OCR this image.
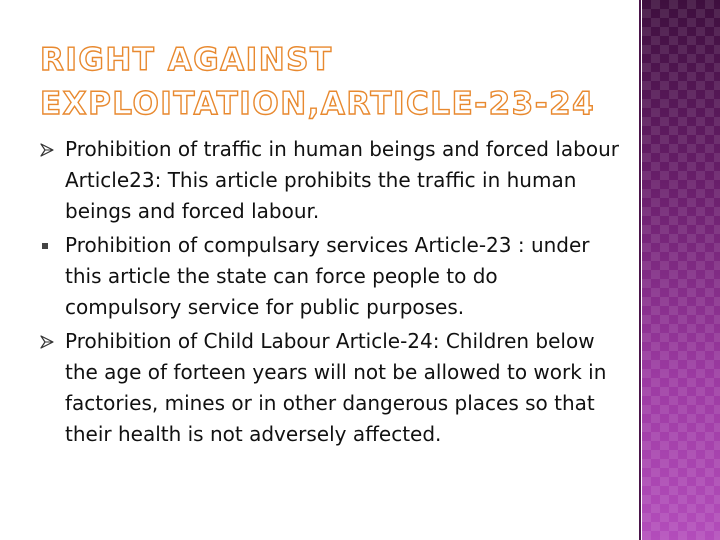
RIGHT AGAINST EXPLOITATION,ARTICLE-23-24
Prohibition of traffic in human beings and forced labour Article23: This article prohibits the traffic in human beings and forced labour.
Prohibition of compulsary services Article-23 : under this article the state can force people to do compulsory service for public purposes.
Prohibition of Child Labour Article-24: Children below the age of forteen years will not be allowed to work in factories, mines or in other dangerous places so that their health is not adversely affected.
